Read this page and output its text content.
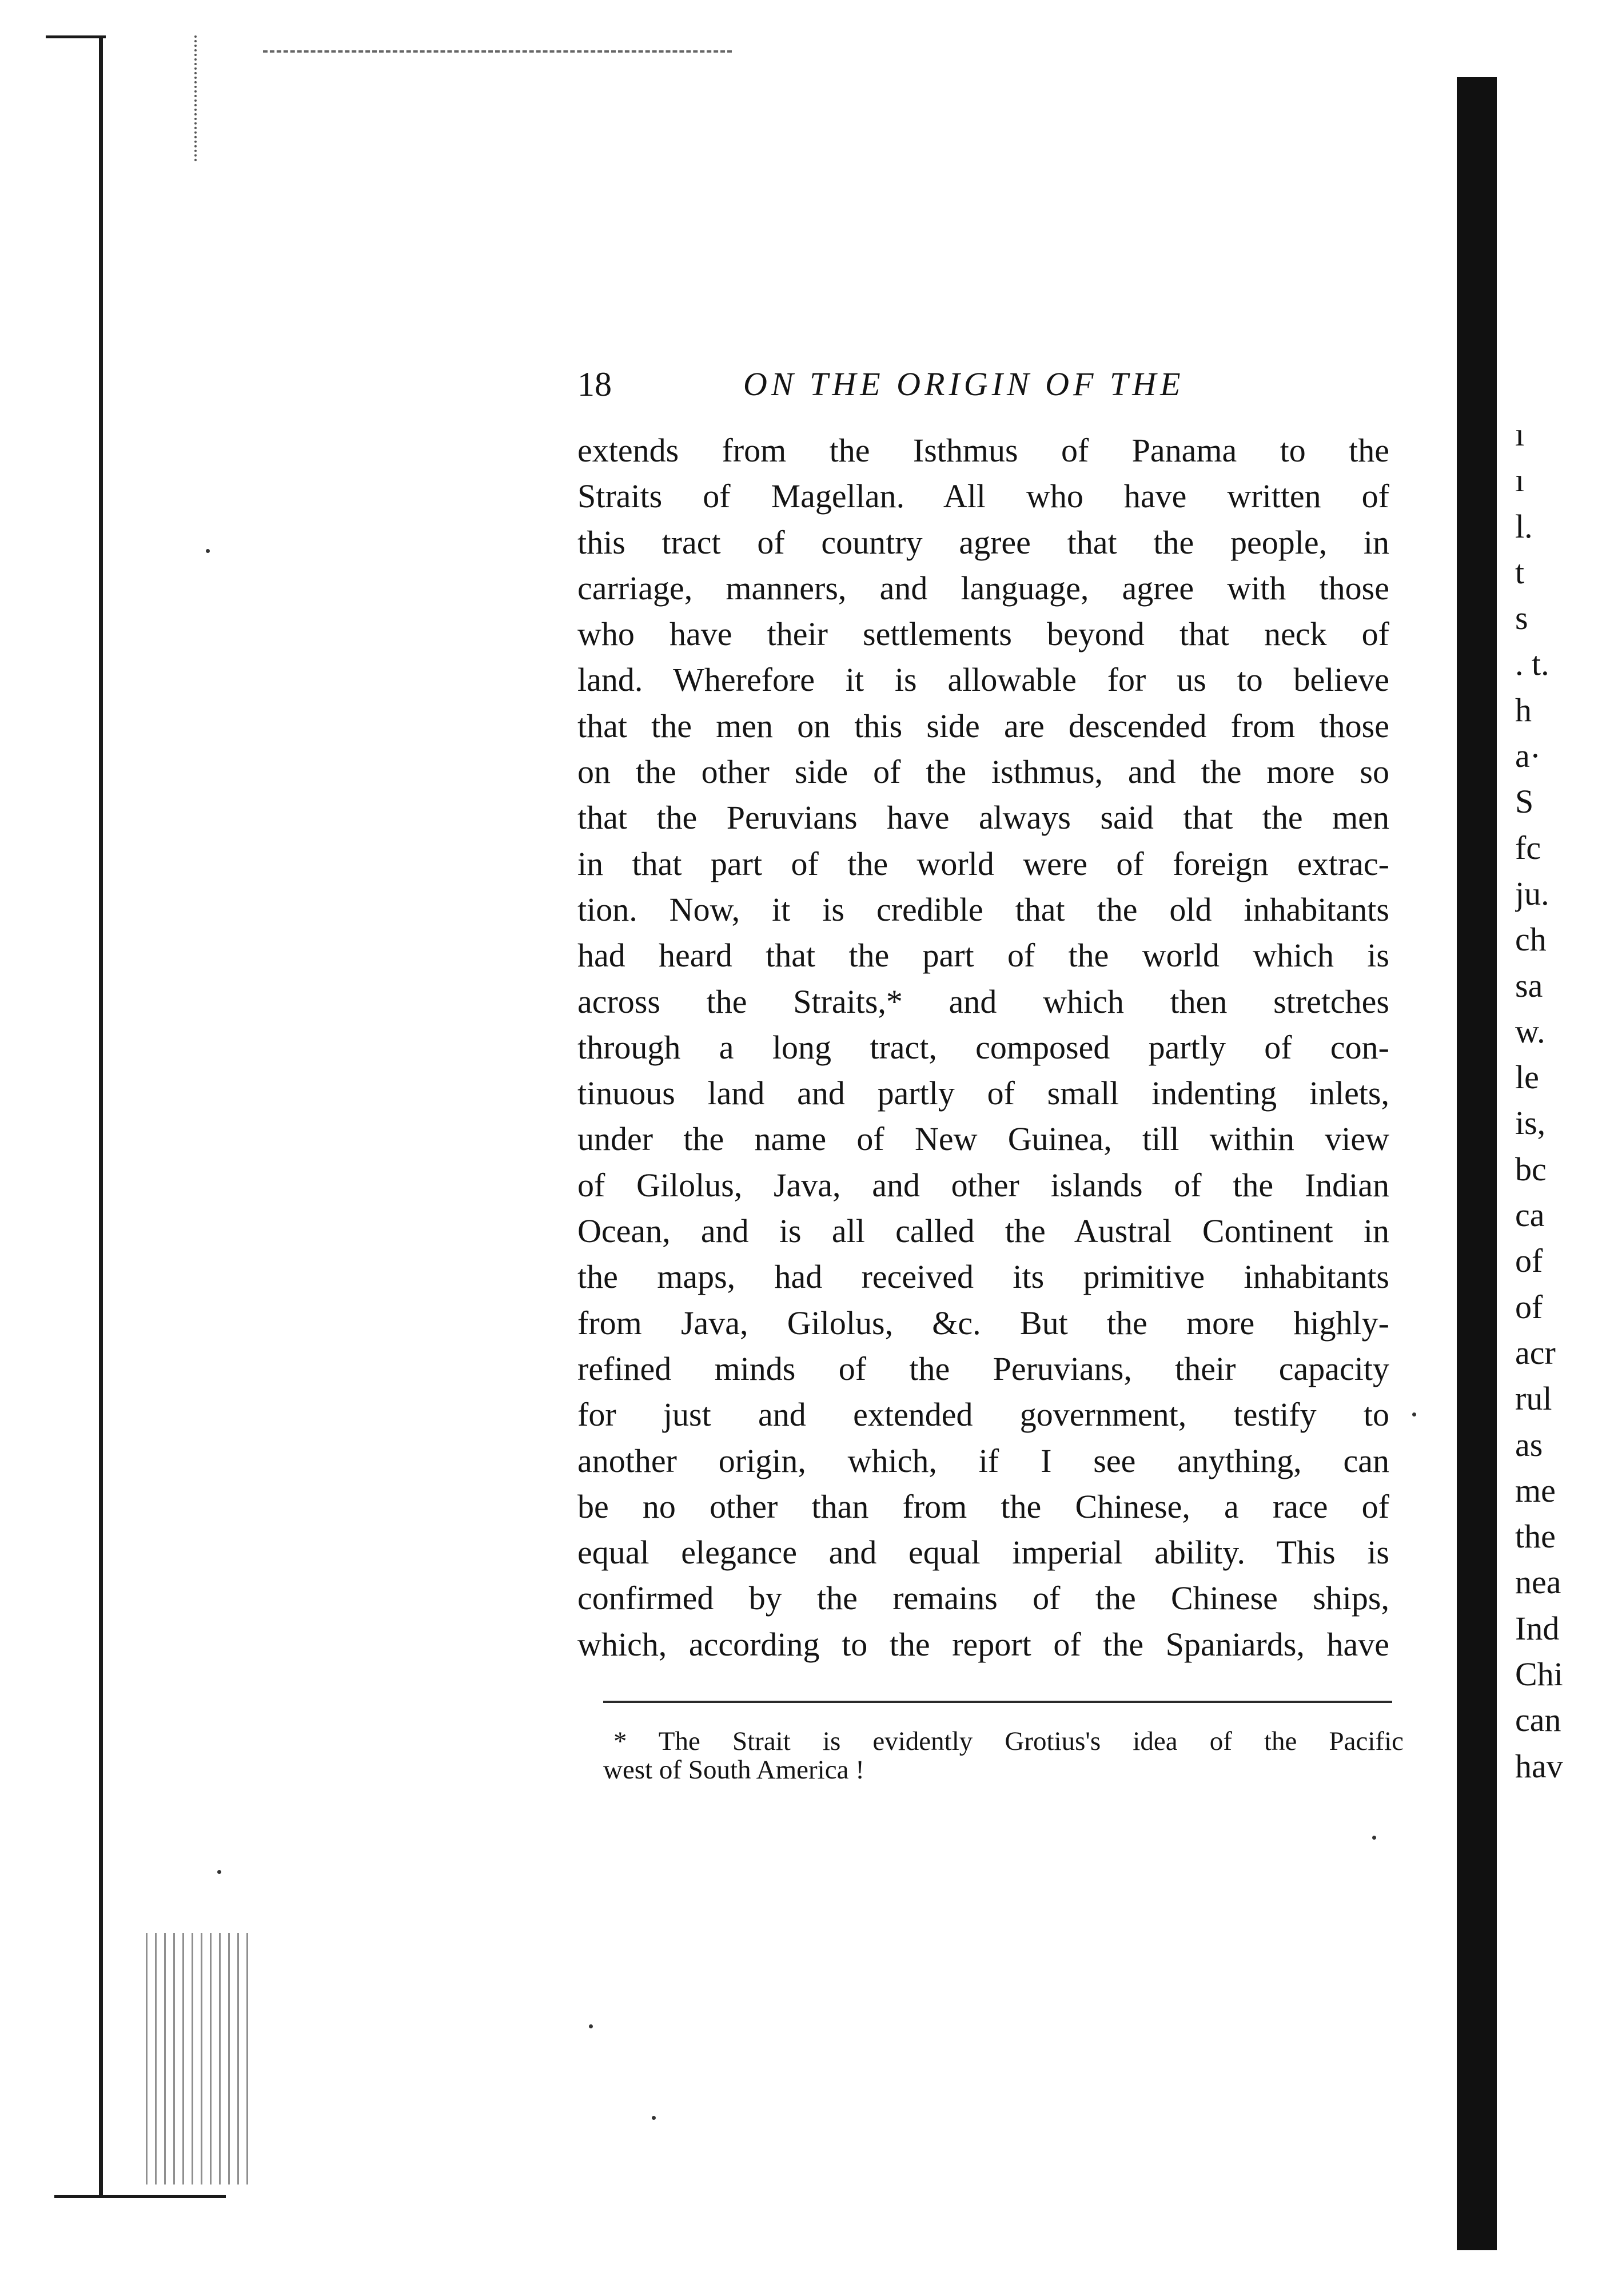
18	ON THE ORIGIN OF THE
extends from the Isthmus of Panama to the
Straits of Magellan. All who have written of
this tract of country agree that the people, in
carriage, manners, and language, agree with those
who have their settlements beyond that neck of
land. Wherefore it is allowable for us to believe
that the men on this side are descended from those
on the other side of the isthmus, and the more so
that the Peruvians have always said that the men
in that part of the world were of foreign extrac-
tion. Now, it is credible that the old inhabitants
had heard that the part of the world which is
across the Straits,* and which then stretches
through a long tract, composed partly of con-
tinuous land and partly of small indenting inlets,
under the name of New Guinea, till within view
of Gilolus, Java, and other islands of the Indian
Ocean, and is all called the Austral Continent in
the maps, had received its primitive inhabitants
from Java, Gilolus, &c. But the more highly-
refined minds of the Peruvians, their capacity
for just and extended government, testify to
another origin, which, if I see anything, can
be no other than from the Chinese, a race of
equal elegance and equal imperial ability. This is
confirmed by the remains of the Chinese ships,
which, according to the report of the Spaniards, have
* The Strait is evidently Grotius's idea of the Pacific
west of South America !
ı
ı
l.
t
s
. t.
h
a·
S
fc
ju.
ch
sa
w.
le
is,
bc
ca
of
of
acr
rul
as
me
the
nea
Ind
Chi
can
hav
